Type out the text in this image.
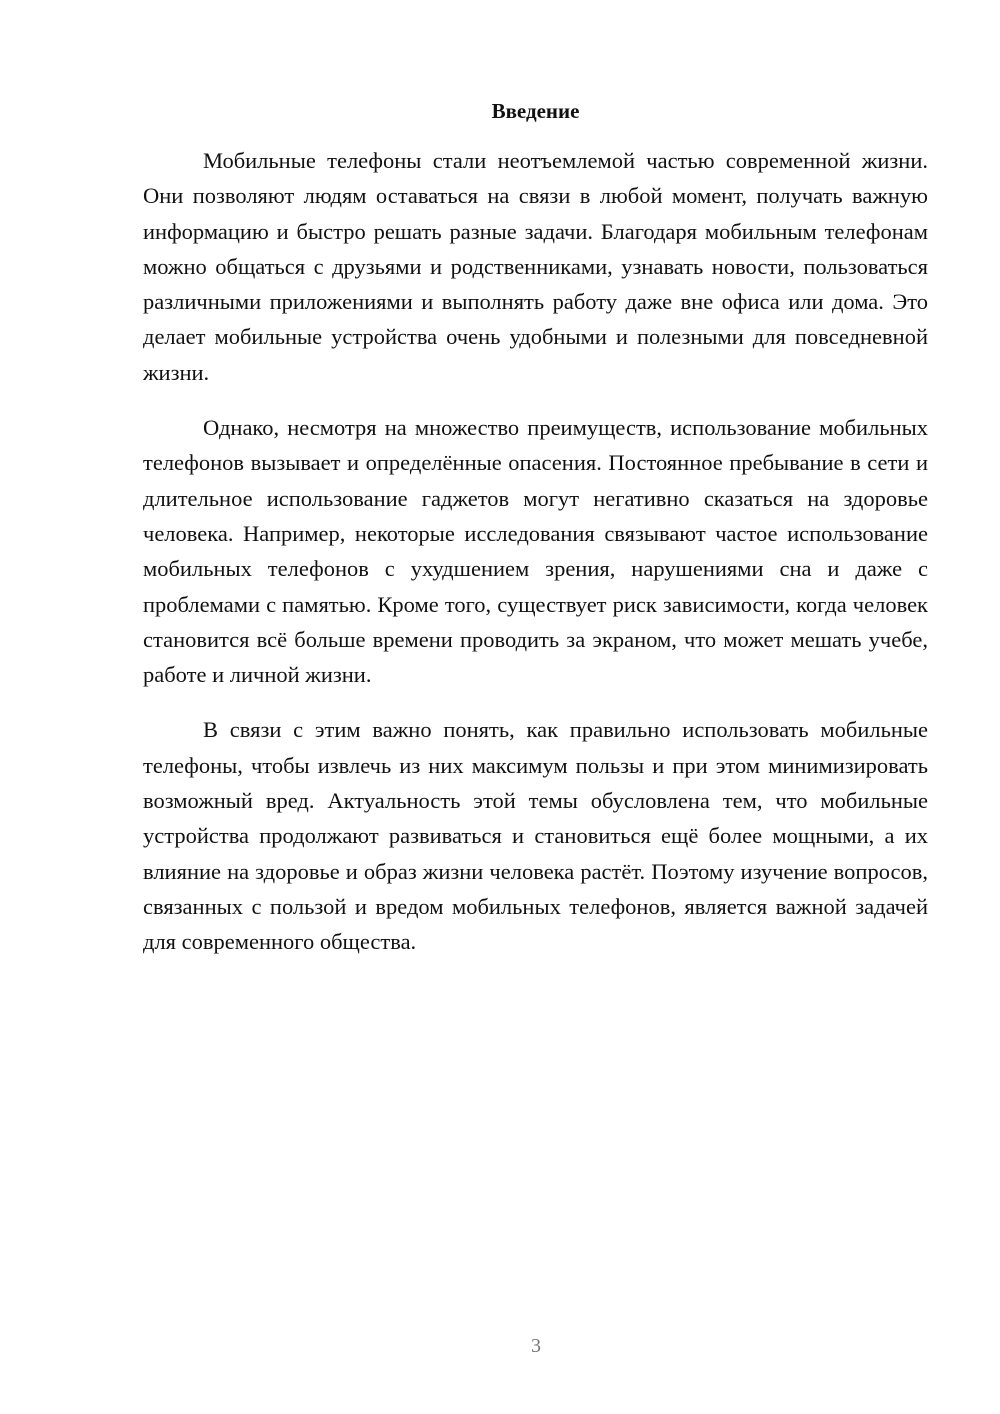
Введение

Мобильные телефоны стали неотъемлемой частью современной жизни. Они позволяют людям оставаться на связи в любой момент, получать важную информацию и быстро решать разные задачи. Благодаря мобильным телефонам можно общаться с друзьями и родственниками, узнавать новости, пользоваться различными приложениями и выполнять работу даже вне офиса или дома. Это делает мобильные устройства очень удобными и полезными для повседневной жизни.

Однако, несмотря на множество преимуществ, использование мобильных телефонов вызывает и определённые опасения. Постоянное пребывание в сети и длительное использование гаджетов могут негативно сказаться на здоровье человека. Например, некоторые исследования связывают частое использование мобильных телефонов с ухудшением зрения, нарушениями сна и даже с проблемами с памятью. Кроме того, существует риск зависимости, когда человек становится всё больше времени проводить за экраном, что может мешать учебе, работе и личной жизни.

В связи с этим важно понять, как правильно использовать мобильные телефоны, чтобы извлечь из них максимум пользы и при этом минимизировать возможный вред. Актуальность этой темы обусловлена тем, что мобильные устройства продолжают развиваться и становиться ещё более мощными, а их влияние на здоровье и образ жизни человека растёт. Поэтому изучение вопросов, связанных с пользой и вредом мобильных телефонов, является важной задачей для современного общества.

3
